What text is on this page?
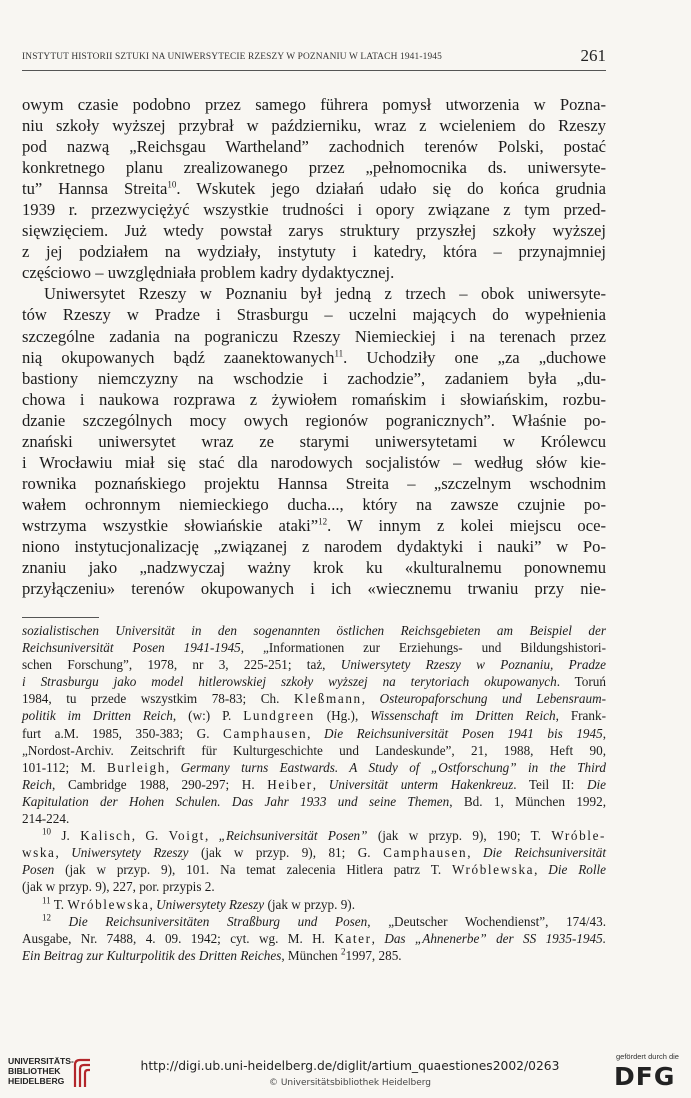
INSTYTUT HISTORII SZTUKI NA UNIWERSYTECIE RZESZY W POZNANIU W LATACH 1941-1945	261
owym czasie podobno przez samego führera pomysł utworzenia w Pozna-
niu szkoły wyższej przybrał w październiku, wraz z wcieleniem do Rzeszy
pod nazwą „Reichsgau Wartheland” zachodnich terenów Polski, postać
konkretnego planu zrealizowanego przez „pełnomocnika ds. uniwersyte-
tu” Hannsa Streita$^{10}$. Wskutek jego działań udało się do końca grudnia
1939 r. przezwyciężyć wszystkie trudności i opory związane z tym przed-
sięwzięciem. Już wtedy powstał zarys struktury przyszłej szkoły wyższej
z jej podziałem na wydziały, instytuty i katedry, która – przynajmniej
częściowo – uwzględniała problem kadry dydaktycznej.
Uniwersytet Rzeszy w Poznaniu był jedną z trzech – obok uniwersyte-
tów Rzeszy w Pradze i Strasburgu – uczelni mających do wypełnienia
szczególne zadania na pograniczu Rzeszy Niemieckiej i na terenach przez
nią okupowanych bądź zaanektowanych$^{11}$. Uchodziły one „za „duchowe
bastiony niemczyzny na wschodzie i zachodzie”, zadaniem była „du-
chowa i naukowa rozprawa z żywiołem romańskim i słowiańskim, rozbu-
dzanie szczególnych mocy owych regionów pogranicznych”. Właśnie po-
znański uniwersytet wraz ze starymi uniwersytetami w Królewcu
i Wrocławiu miał się stać dla narodowych socjalistów – według słów kie-
rownika poznańskiego projektu Hannsa Streita – „szczelnym wschodnim
wałem ochronnym niemieckiego ducha..., który na zawsze czujnie po-
wstrzyma wszystkie słowiańskie ataki”$^{12}$. W innym z kolei miejscu oce-
niono instytucjonalizację „związanej z narodem dydaktyki i nauki” w Po-
znaniu jako „nadzwyczaj ważny krok ku «kulturalnemu ponownemu
przyłączeniu» terenów okupowanych i ich «wiecznemu trwaniu przy nie-
sozialistischen Universität in den sogenannten östlichen Reichsgebieten am Beispiel der
Reichsuniversität Posen 1941-1945, „Informationen zur Erziehungs- und Bildungshistori-
schen Forschung”, 1978, nr 3, 225-251; taż, Uniwersytety Rzeszy w Poznaniu, Pradze
i Strasburgu jako model hitlerowskiej szkoły wyższej na terytoriach okupowanych. Toruń
1984, tu przede wszystkim 78-83; Ch. Kleßmann, Osteuropaforschung und Lebensraum-
politik im Dritten Reich, (w:) P. Lundgreen (Hg.), Wissenschaft im Dritten Reich, Frank-
furt a.M. 1985, 350-383; G. Camphausen, Die Reichsuniversität Posen 1941 bis 1945,
„Nordost-Archiv. Zeitschrift für Kulturgeschichte und Landeskunde”, 21, 1988, Heft 90,
101-112; M. Burleigh, Germany turns Eastwards. A Study of „Ostforschung” in the Third
Reich, Cambridge 1988, 290-297; H. Heiber, Universität unterm Hakenkreuz. Teil II: Die
Kapitulation der Hohen Schulen. Das Jahr 1933 und seine Themen, Bd. 1, München 1992,
214-224.
$^{10}$ J. Kalisch, G. Voigt, „Reichsuniversität Posen” (jak w przyp. 9), 190; T. Wróble-
wska, Uniwersytety Rzeszy (jak w przyp. 9), 81; G. Camphausen, Die Reichsuniversität
Posen (jak w przyp. 9), 101. Na temat zalecenia Hitlera patrz T. Wróblewska, Die Rolle
(jak w przyp. 9), 227, por. przypis 2.
$^{11}$ T. Wróblewska, Uniwersytety Rzeszy (jak w przyp. 9).
$^{12}$ Die Reichsuniversitäten Straßburg und Posen, „Deutscher Wochendienst”, 174/43.
Ausgabe, Nr. 7488, 4. 09. 1942; cyt. wg. M. H. Kater, Das „Ahnenerbe” der SS 1935-1945.
Ein Beitrag zur Kulturpolitik des Dritten Reiches, München $^2$1997, 285.
UNIVERSITÄTS-
BIBLIOTHEK
HEIDELBERG
http://digi.ub.uni-heidelberg.de/diglit/artium_quaestiones2002/0263
© Universitätsbibliothek Heidelberg
gefördert durch die
DFG
